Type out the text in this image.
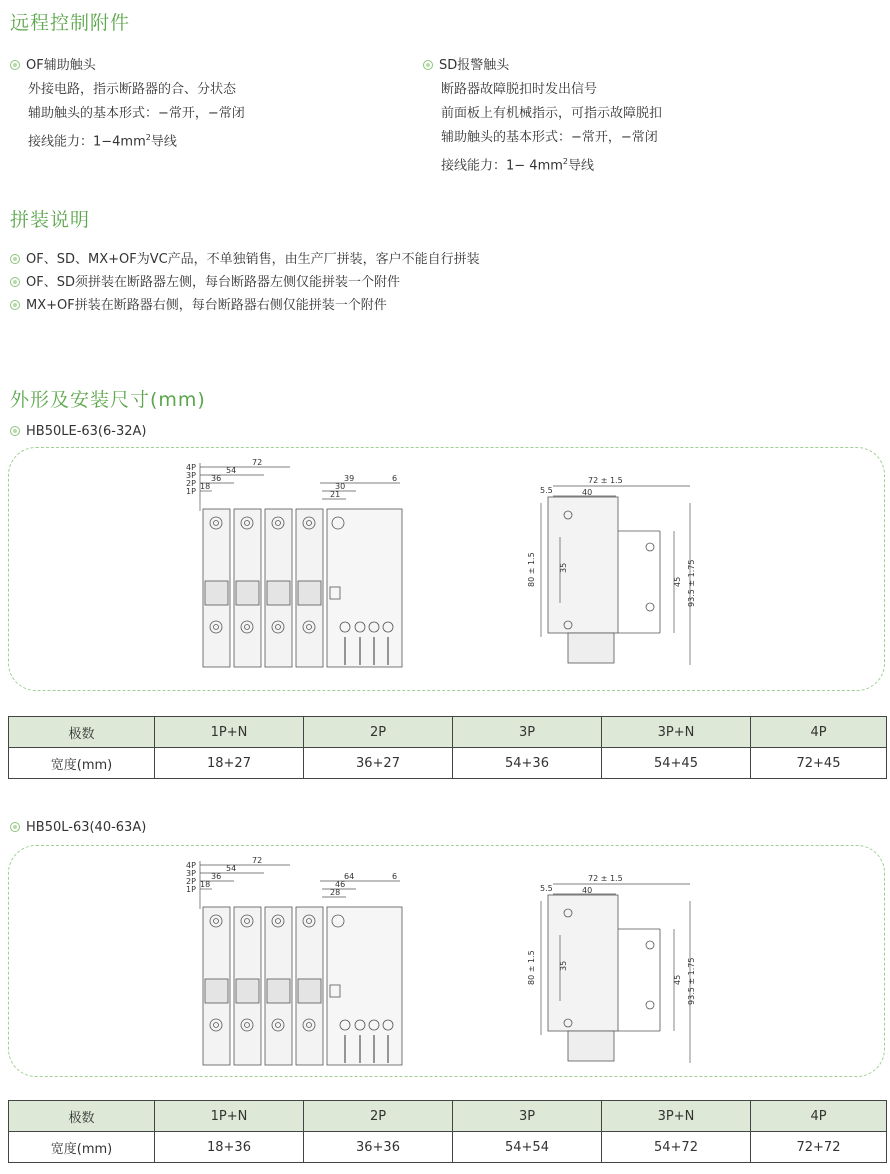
远程控制附件
OF辅助触头
外接电路，指示断路器的合、分状态
辅助触头的基本形式：−常开，−常闭
接线能力：$1-4mm^2$导线
SD报警触头
断路器故障脱扣时发出信号
前面板上有机械指示，可指示故障脱扣
辅助触头的基本形式：−常开，−常闭
接线能力：$1- 4mm^2$导线
拼装说明
OF、SD、MX+OF为VC产品，不单独销售，由生产厂拼装，客户不能自行拼装
OF、SD须拼装在断路器左侧，每台断路器左侧仅能拼装一个附件
MX+OF拼装在断路器右侧，每台断路器右侧仅能拼装一个附件
外形及安装尺寸(mm)
HB50LE-63(6-32A)
4P
72
3P
54
2P
36
1P
18
39
30
21
6	72 ± 1.5
5.5	40
80 ± 1.5	35
45 93.5 ± 1.75
极数	1P+N	2P	3P	3P+N	4P
宽度(mm)	18+27	36+27	54+36	54+45	72+45
HB50L-63(40-63A)
4P
72
3P
54
2P
36
1P
18
64
46
28
6	72 ± 1.5
5.5	40
80 ± 1.5	35
45 93.5 ± 1.75
极数	1P+N	2P	3P	3P+N	4P
宽度(mm)	18+36	36+36	54+54	54+72	72+72
